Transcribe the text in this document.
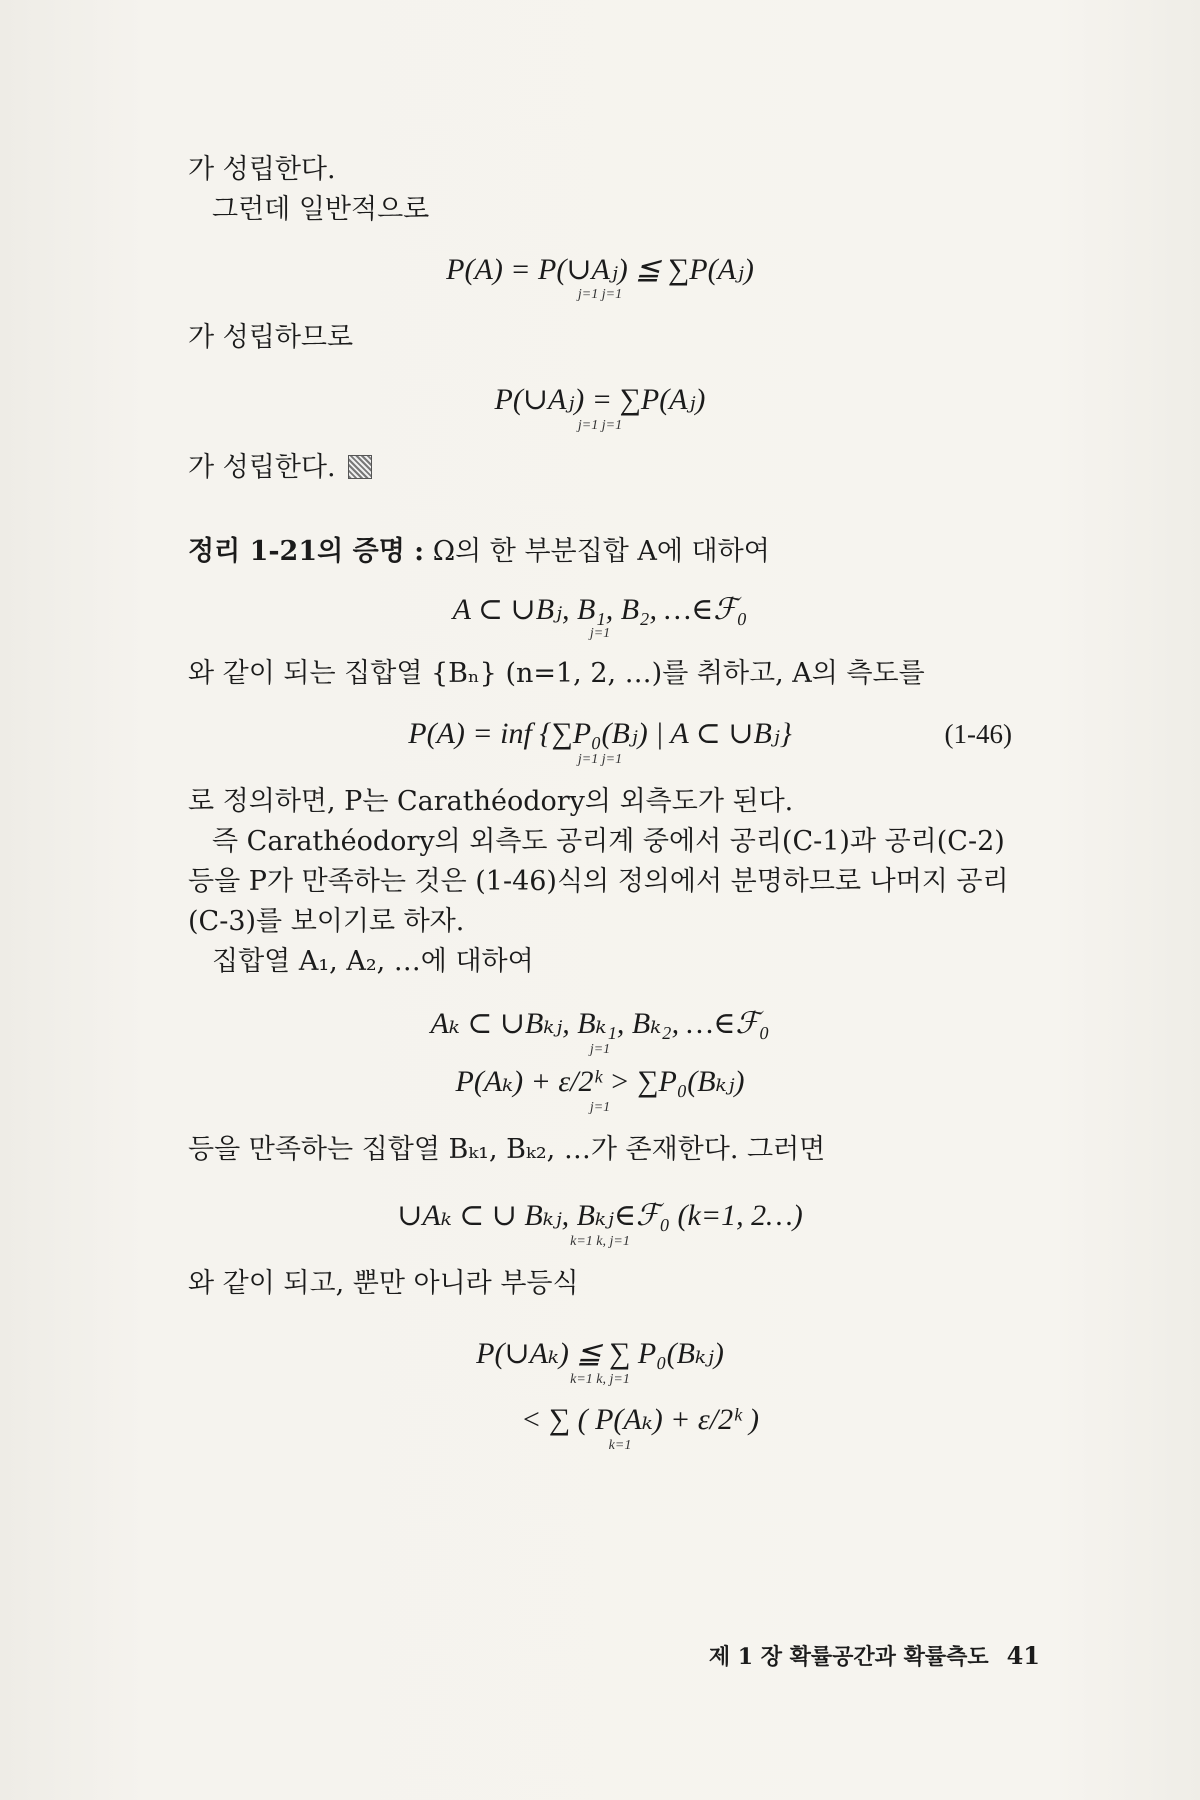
가 성립한다.
그런데 일반적으로
P(A) = P(∪Aⱼ) ≦ ∑P(Aⱼ)
j=1 j=1
가 성립하므로
P(∪Aⱼ) = ∑P(Aⱼ)
j=1 j=1
가 성립한다.
정리 1-21의 증명 : Ω의 한 부분집합 A에 대하여
A ⊂ ∪Bⱼ, B₁, B₂, …∈ℱ₀
j=1
와 같이 되는 집합열 {Bₙ} (n=1, 2, …)를 취하고, A의 측도를
P(A) = inf {∑P₀(Bⱼ) | A ⊂ ∪Bⱼ}	(1-46)
j=1 j=1
로 정의하면, P는 Carathéodory의 외측도가 된다.
즉 Carathéodory의 외측도 공리계 중에서 공리(C-1)과 공리(C-2)
등을 P가 만족하는 것은 (1-46)식의 정의에서 분명하므로 나머지 공리
(C-3)를 보이기로 하자.
집합열 A₁, A₂, …에 대하여
Aₖ ⊂ ∪Bₖⱼ, Bₖ₁, Bₖ₂, …∈ℱ₀
j=1
P(Aₖ) + ε/2ᵏ > ∑P₀(Bₖⱼ)
j=1
등을 만족하는 집합열 Bₖ₁, Bₖ₂, …가 존재한다. 그러면
∪Aₖ ⊂ ∪ Bₖⱼ, Bₖⱼ∈ℱ₀ (k=1, 2…)
k=1 k, j=1
와 같이 되고, 뿐만 아니라 부등식
P(∪Aₖ) ≦ ∑ P₀(Bₖⱼ)
k=1 k, j=1
< ∑ ( P(Aₖ) + ε/2ᵏ )
k=1
제 1 장 확률공간과 확률측도 41
